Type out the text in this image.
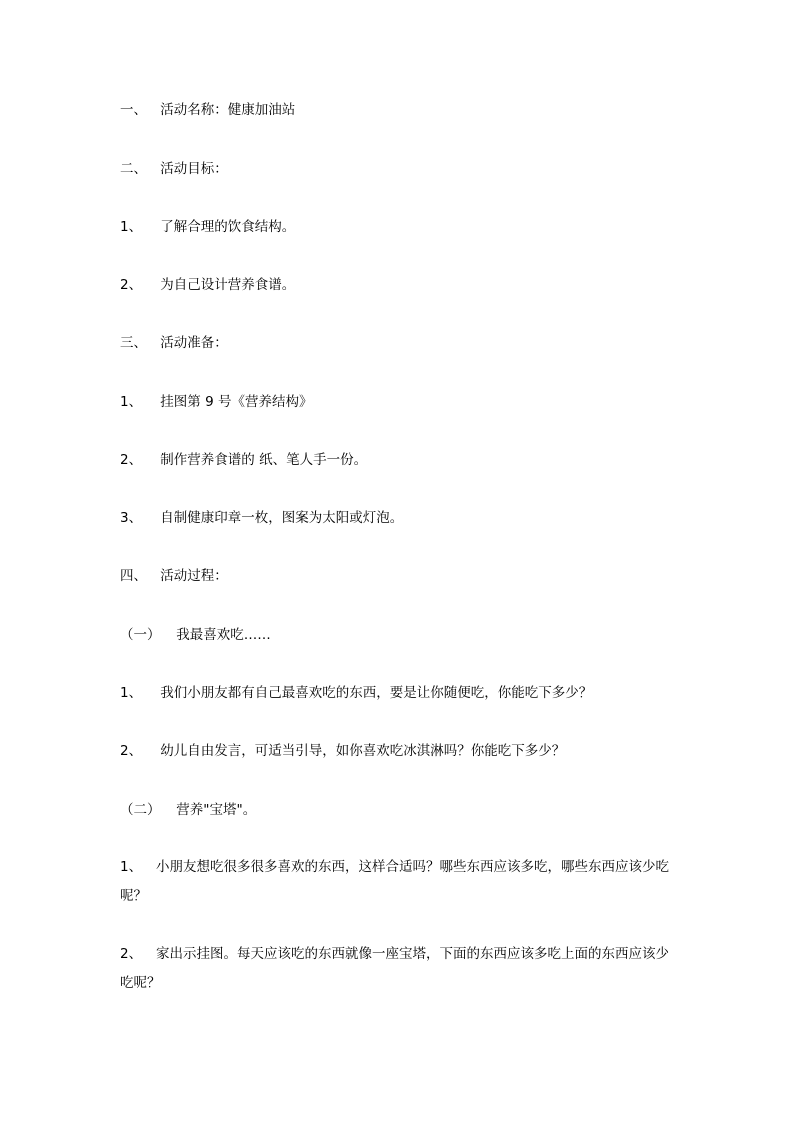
一、 活动名称：健康加油站
二、 活动目标：
1、 了解合理的饮食结构。
2、 为自己设计营养食谱。
三、 活动准备：
1、 挂图第 9 号《营养结构》
2、 制作营养食谱的 纸、笔人手一份。
3、 自制健康印章一枚，图案为太阳或灯泡。
四、 活动过程：
（一） 我最喜欢吃……
1、 我们小朋友都有自己最喜欢吃的东西，要是让你随便吃，你能吃下多少？
2、 幼儿自由发言，可适当引导，如你喜欢吃冰淇淋吗？你能吃下多少？
（二） 营养"宝塔"。
1、 小朋友想吃很多很多喜欢的东西，这样合适吗？哪些东西应该多吃，哪些东西应该少吃呢？
2、 家出示挂图。每天应该吃的东西就像一座宝塔，下面的东西应该多吃上面的东西应该少吃呢？
